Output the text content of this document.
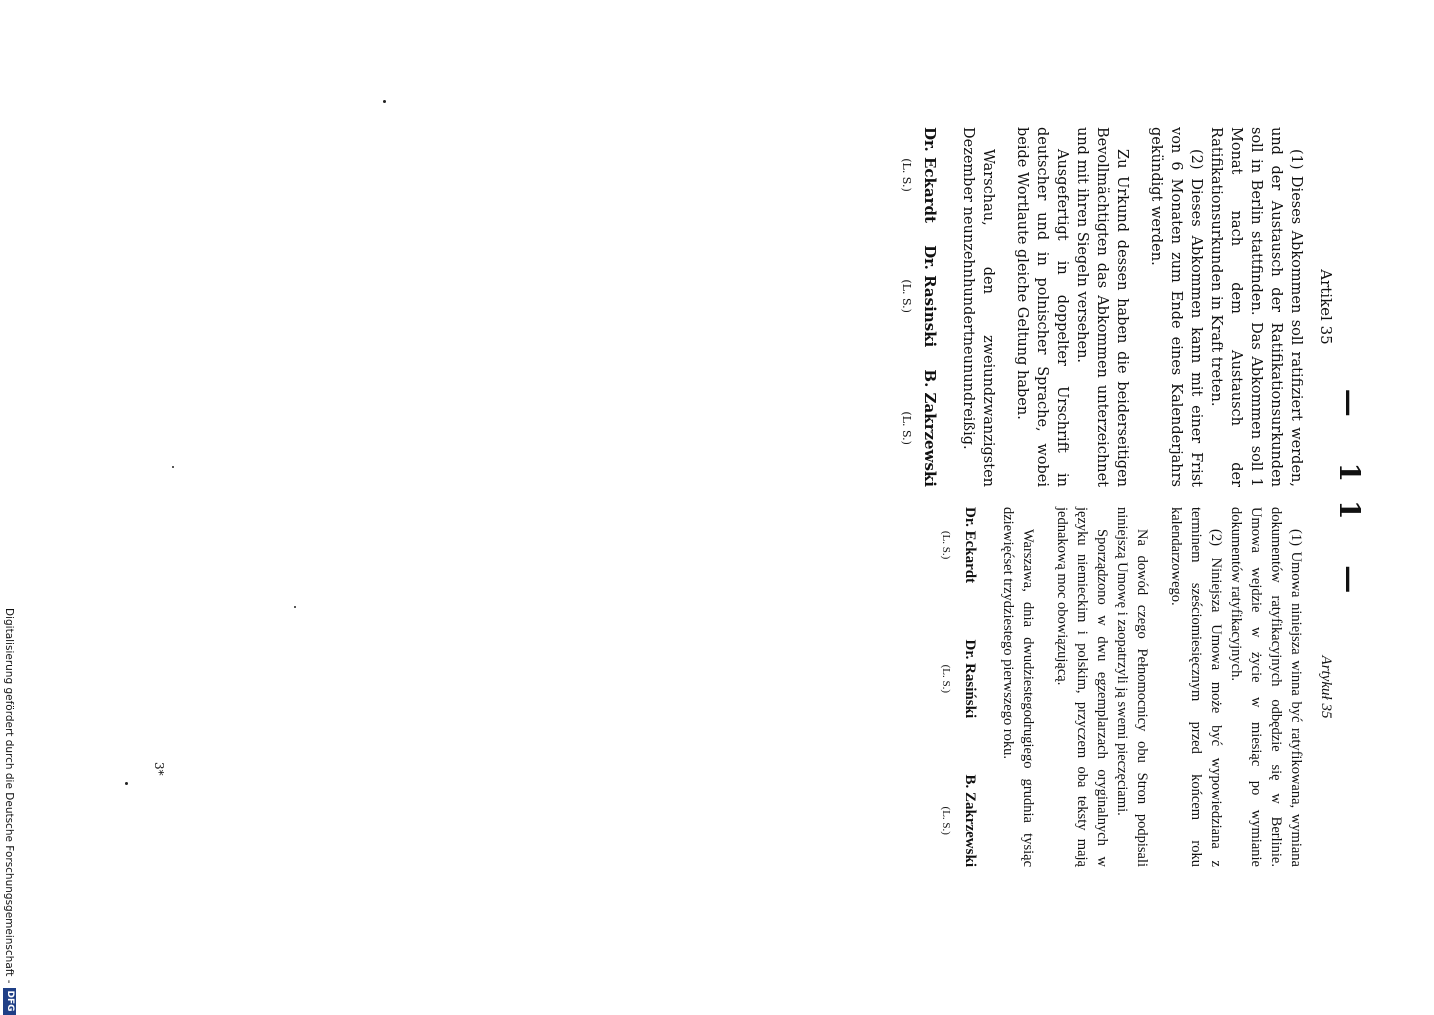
— 11 —
Artikel 35

(1) Dieses Abkommen soll ratifiziert werden, und der Austausch der Ratifikationsurkunden soll in Berlin stattfinden. Das Abkommen soll 1 Monat nach dem Austausch der Ratifikationsurkunden in Kraft treten.

(2) Dieses Abkommen kann mit einer Frist von 6 Monaten zum Ende eines Kalenderjahrs gekündigt werden.

Zu Urkund dessen haben die beiderseitigen Bevollmächtigten das Abkommen unterzeichnet und mit ihren Siegeln versehen.

Ausgefertigt in doppelter Urschrift in deutscher und in polnischer Sprache, wobei beide Wortlaute gleiche Geltung haben.

Warschau, den zweiundzwanzigsten Dezember neunzehnhundertneunundreißig.

Dr. Eckardt
(L. S.)
Dr. Rasinski
(L. S.)
B. Zakrzewski
(L. S.)
Artykuł 35

(1) Umowa niniejsza winna być ratyfikowana, wymiana dokumentów ratyfikacyjnych odbędzie się w Berlinie. Umowa wejdzie w życie w miesiąc po wymianie dokumentów ratyfikacyjnych.

(2) Niniejsza Umowa może być wypowiedziana z terminem sześciomiesięcznym przed końcem roku kalendarzowego.

Na dowód czego Pełnomocnicy obu Stron podpisali niniejszą Umowę i zaopatrzyli ją swemi pieczęciami.

Sporządzono w dwu egzemplarzach oryginalnych w języku niemieckim i polskim, przyczem oba teksty mają jednakową moc obowiązującą.

Warszawa, dnia dwudziestegodrugiego grudnia tysiąc dziewięćset trzydziestego pierwszego roku.

Dr. Eckardt
(L. S.)
Dr. Rasiński
(L. S.)
B. Zakrzewski
(L. S.)
3*
Digitalisierung gefördert durch die Deutsche Forschungsgemeinschaft -
DFG
